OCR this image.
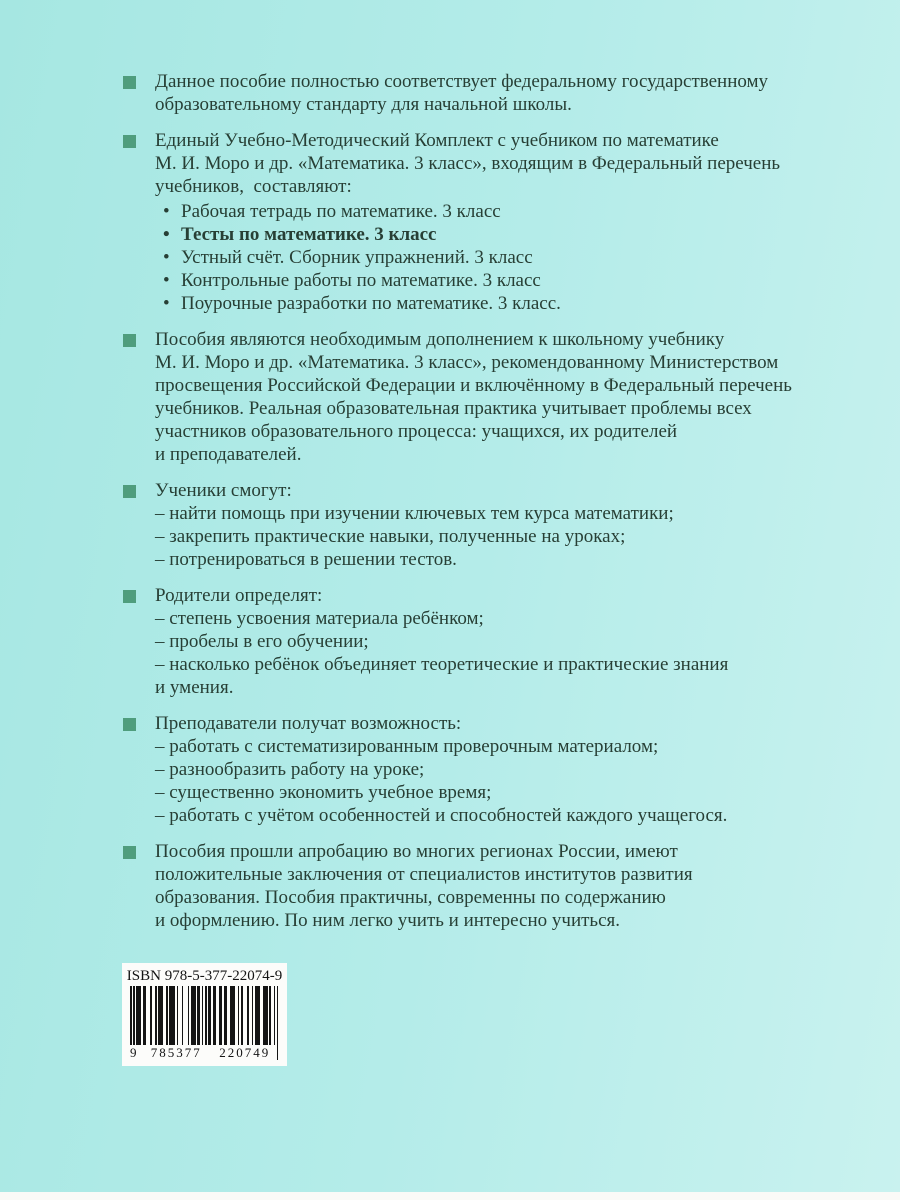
Данное пособие полностью соответствует федеральному государственному
образовательному стандарту для начальной школы.
Единый Учебно-Методический Комплект с учебником по математике
М. И. Моро и др. «Математика. 3 класс», входящим в Федеральный перечень
учебников,  составляют:
• Рабочая тетрадь по математике. 3 класс
• Тесты по математике. 3 класс
• Устный счёт. Сборник упражнений. 3 класс
• Контрольные работы по математике. 3 класс
• Поурочные разработки по математике. 3 класс.
Пособия являются необходимым дополнением к школьному учебнику
М. И. Моро и др. «Математика. 3 класс», рекомендованному Министерством
просвещения Российской Федерации и включённому в Федеральный перечень
учебников. Реальная образовательная практика учитывает проблемы всех
участников образовательного процесса: учащихся, их родителей
и преподавателей.
Ученики смогут:
– найти помощь при изучении ключевых тем курса математики;
– закрепить практические навыки, полученные на уроках;
– потренироваться в решении тестов.
Родители определят:
– степень усвоения материала ребёнком;
– пробелы в его обучении;
– насколько ребёнок объединяет теоретические и практические знания
и умения.
Преподаватели получат возможность:
– работать с систематизированным проверочным материалом;
– разнообразить работу на уроке;
– существенно экономить учебное время;
– работать с учётом особенностей и способностей каждого учащегося.
Пособия прошли апробацию во многих регионах России, имеют
положительные заключения от специалистов институтов развития
образования. Пособия практичны, современны по содержанию
и оформлению. По ним легко учить и интересно учиться.
ISBN 978-5-377-22074-9
9	785377	220749
